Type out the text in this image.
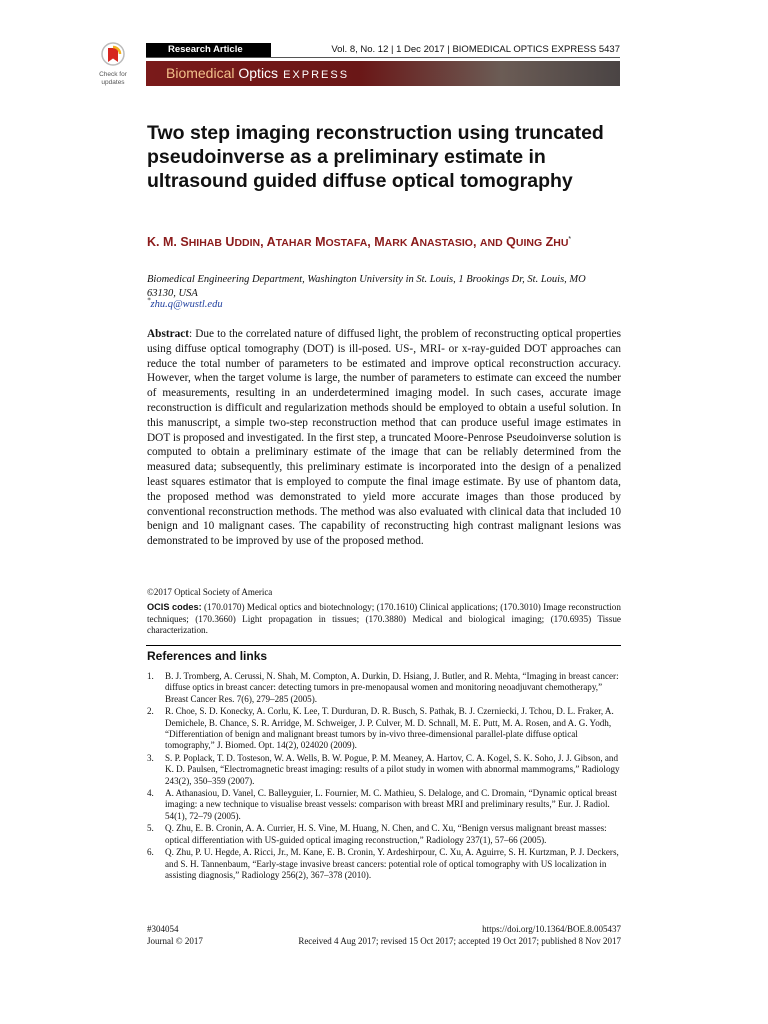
Check for
updates
Research Article	Vol. 8, No. 12 | 1 Dec 2017 | BIOMEDICAL OPTICS EXPRESS 5437
Biomedical Optics EXPRESS
Two step imaging reconstruction using truncated pseudoinverse as a preliminary estimate in ultrasound guided diffuse optical tomography
K. M. SHIHAB UDDIN, ATAHAR MOSTAFA, MARK ANASTASIO, AND QUING ZHU*

Biomedical Engineering Department, Washington University in St. Louis, 1 Brookings Dr, St. Louis, MO 63130, USA

*zhu.q@wustl.edu

Abstract: Due to the correlated nature of diffused light, the problem of reconstructing optical properties using diffuse optical tomography (DOT) is ill-posed. US-, MRI- or x-ray-guided DOT approaches can reduce the total number of parameters to be estimated and improve optical reconstruction accuracy. However, when the target volume is large, the number of parameters to estimate can exceed the number of measurements, resulting in an underdetermined imaging model. In such cases, accurate image reconstruction is difficult and regularization methods should be employed to obtain a useful solution. In this manuscript, a simple two-step reconstruction method that can produce useful image estimates in DOT is proposed and investigated. In the first step, a truncated Moore-Penrose Pseudoinverse solution is computed to obtain a preliminary estimate of the image that can be reliably determined from the measured data; subsequently, this preliminary estimate is incorporated into the design of a penalized least squares estimator that is employed to compute the final image estimate. By use of phantom data, the proposed method was demonstrated to yield more accurate images than those produced by conventional reconstruction methods. The method was also evaluated with clinical data that included 10 benign and 10 malignant cases. The capability of reconstructing high contrast malignant lesions was demonstrated to be improved by use of the proposed method.

©2017 Optical Society of America

OCIS codes: (170.0170) Medical optics and biotechnology; (170.1610) Clinical applications; (170.3010) Image reconstruction techniques; (170.3660) Light propagation in tissues; (170.3880) Medical and biological imaging; (170.6935) Tissue characterization.

References and links
1. B. J. Tromberg, A. Cerussi, N. Shah, M. Compton, A. Durkin, D. Hsiang, J. Butler, and R. Mehta, “Imaging in breast cancer: diffuse optics in breast cancer: detecting tumors in pre-menopausal women and monitoring neoadjuvant chemotherapy,” Breast Cancer Res. 7(6), 279–285 (2005).
2. R. Choe, S. D. Konecky, A. Corlu, K. Lee, T. Durduran, D. R. Busch, S. Pathak, B. J. Czerniecki, J. Tchou, D. L. Fraker, A. Demichele, B. Chance, S. R. Arridge, M. Schweiger, J. P. Culver, M. D. Schnall, M. E. Putt, M. A. Rosen, and A. G. Yodh, “Differentiation of benign and malignant breast tumors by in-vivo three-dimensional parallel-plate diffuse optical tomography,” J. Biomed. Opt. 14(2), 024020 (2009).
3. S. P. Poplack, T. D. Tosteson, W. A. Wells, B. W. Pogue, P. M. Meaney, A. Hartov, C. A. Kogel, S. K. Soho, J. J. Gibson, and K. D. Paulsen, “Electromagnetic breast imaging: results of a pilot study in women with abnormal mammograms,” Radiology 243(2), 350–359 (2007).
4. A. Athanasiou, D. Vanel, C. Balleyguier, L. Fournier, M. C. Mathieu, S. Delaloge, and C. Dromain, “Dynamic optical breast imaging: a new technique to visualise breast vessels: comparison with breast MRI and preliminary results,” Eur. J. Radiol. 54(1), 72–79 (2005).
5. Q. Zhu, E. B. Cronin, A. A. Currier, H. S. Vine, M. Huang, N. Chen, and C. Xu, “Benign versus malignant breast masses: optical differentiation with US-guided optical imaging reconstruction,” Radiology 237(1), 57–66 (2005).
6. Q. Zhu, P. U. Hegde, A. Ricci, Jr., M. Kane, E. B. Cronin, Y. Ardeshirpour, C. Xu, A. Aguirre, S. H. Kurtzman, P. J. Deckers, and S. H. Tannenbaum, “Early-stage invasive breast cancers: potential role of optical tomography with US localization in assisting diagnosis,” Radiology 256(2), 367–378 (2010).
#304054
Journal © 2017
https://doi.org/10.1364/BOE.8.005437
Received 4 Aug 2017; revised 15 Oct 2017; accepted 19 Oct 2017; published 8 Nov 2017
